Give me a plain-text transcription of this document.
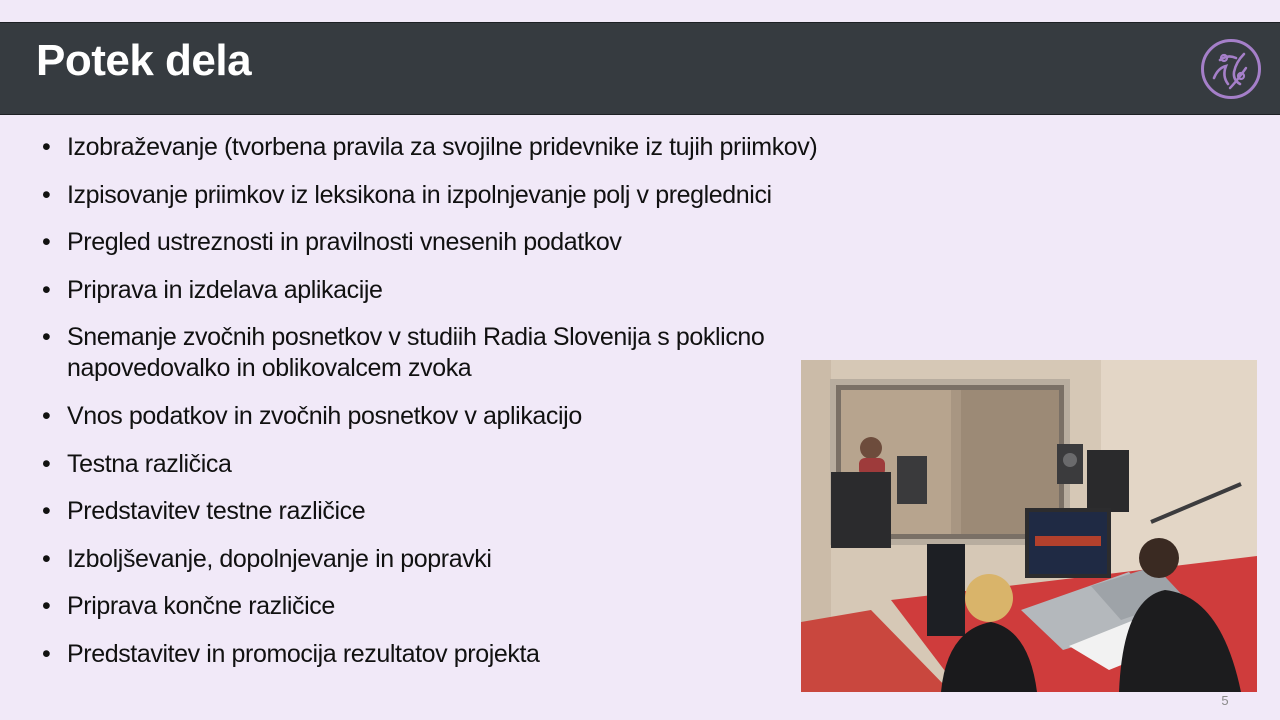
Potek dela
• Izobraževanje (tvorbena pravila za svojilne pridevnike iz tujih priimkov)
• Izpisovanje priimkov iz leksikona in izpolnjevanje polj v preglednici
• Pregled ustreznosti in pravilnosti vnesenih podatkov
• Priprava in izdelava aplikacije
• Snemanje zvočnih posnetkov v studiih Radia Slovenija s poklicno napovedovalko in oblikovalcem zvoka
• Vnos podatkov in zvočnih posnetkov v aplikacijo
• Testna različica
• Predstavitev testne različice
• Izboljševanje, dopolnjevanje in popravki
• Priprava končne različice
• Predstavitev in promocija rezultatov projekta
5
